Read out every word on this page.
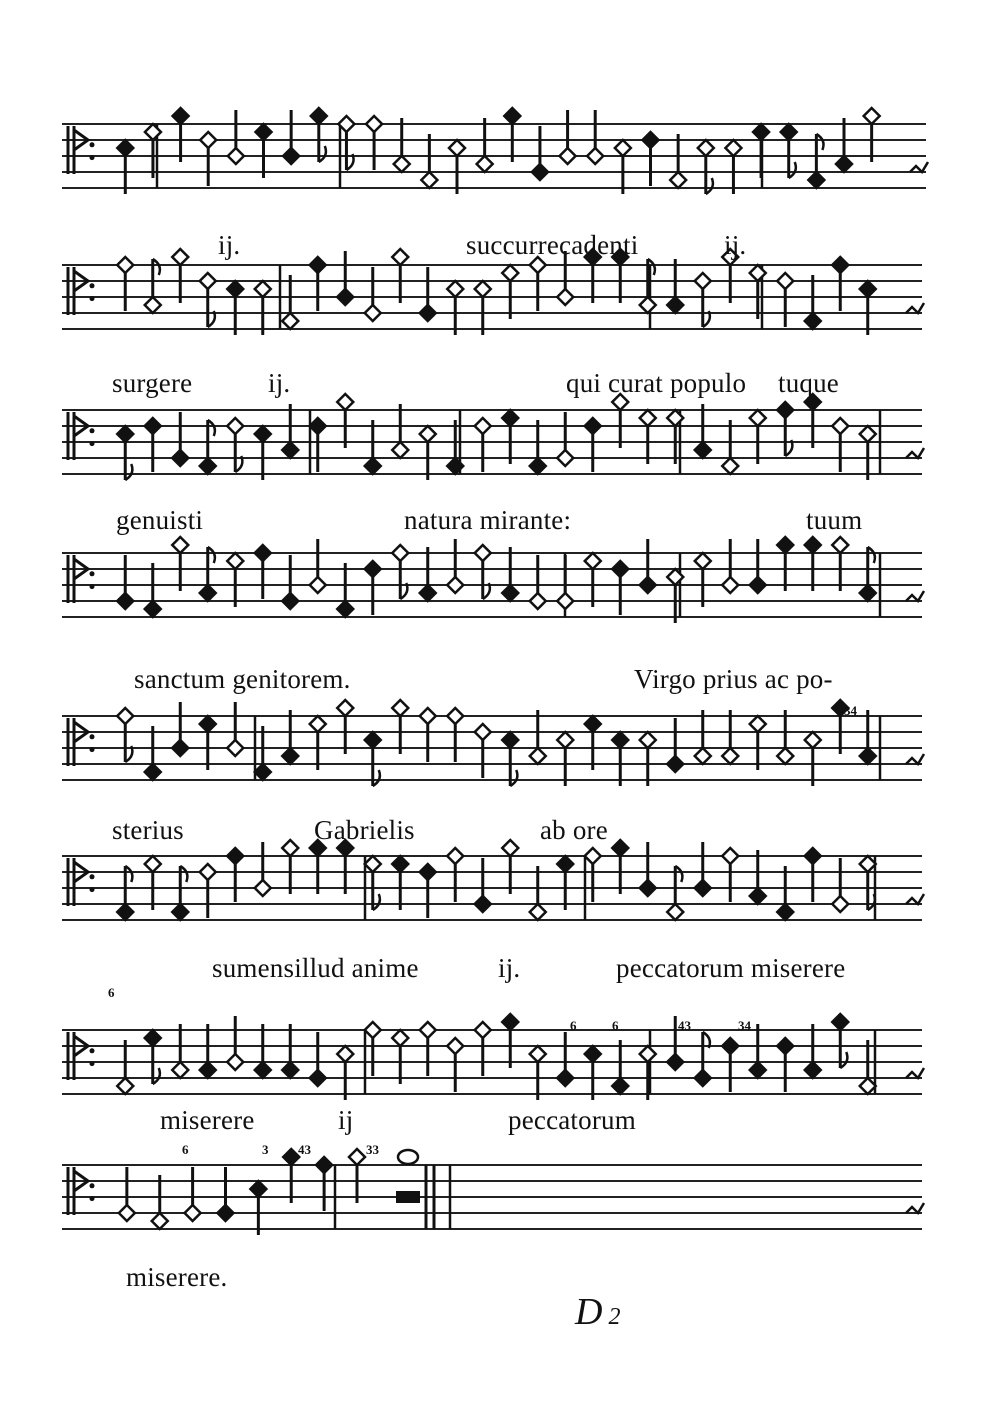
ij.	succurrecadenti	ij.
surgere	ij.	qui curat populo tuque
genuisti	natura mirante:	tuum
sanctum genitorem.	Virgo prius ac po-
sterius	Gabrielis	ab ore
34
sumensillud anime	ij.	peccatorum miserere
miserere	ij	peccatorum
6
6	6	43	34
miserere.
6	3 43	33
D 2
